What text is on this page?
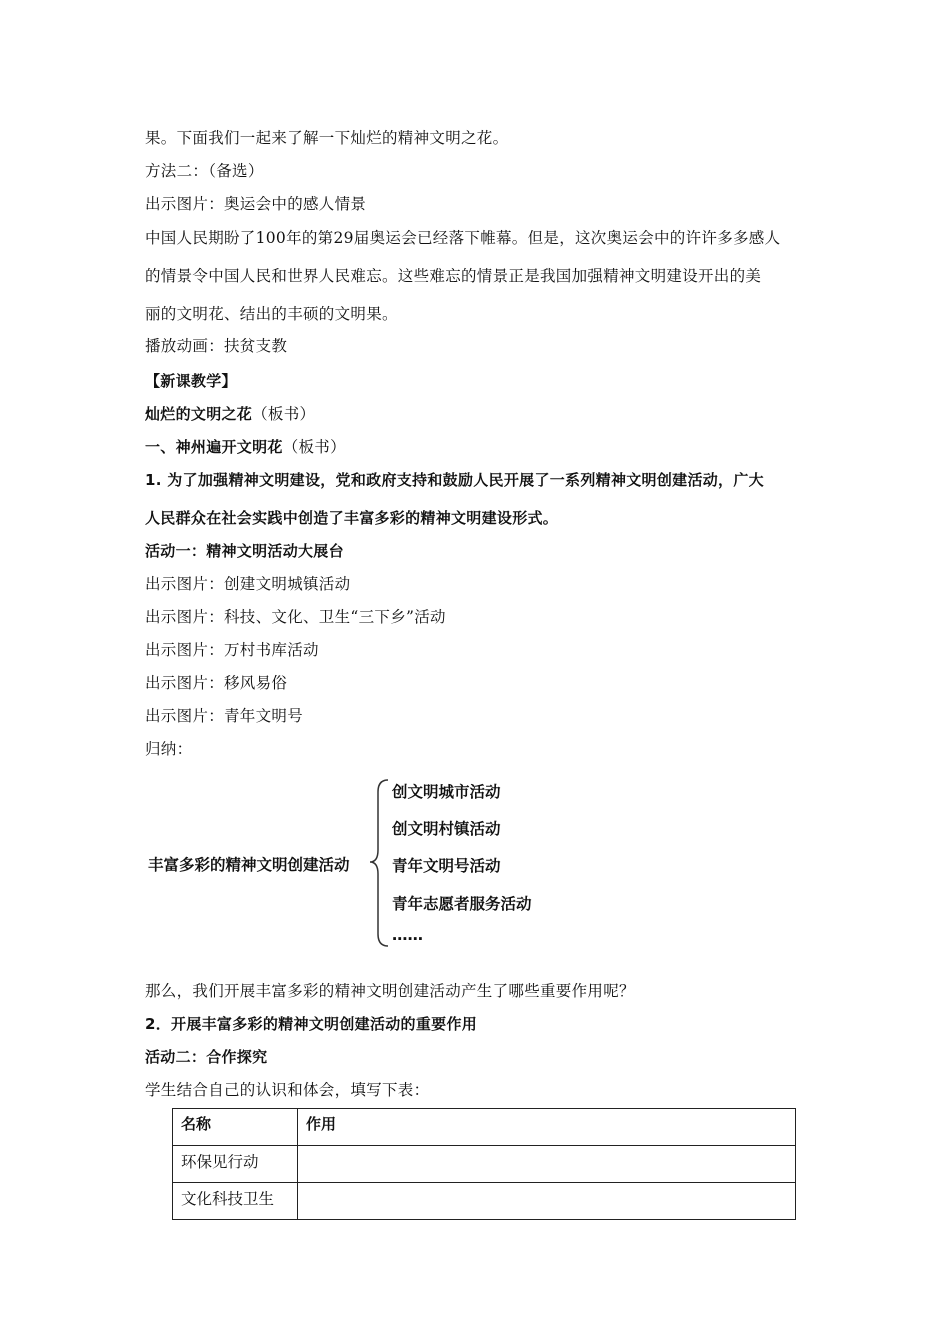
果。下面我们一起来了解一下灿烂的精神文明之花。
方法二：（备选）
出示图片：奥运会中的感人情景
中国人民期盼了100年的第29届奥运会已经落下帷幕。但是，这次奥运会中的许许多多感人
的情景令中国人民和世界人民难忘。这些难忘的情景正是我国加强精神文明建设开出的美
丽的文明花、结出的丰硕的文明果。
播放动画：扶贫支教
【新课教学】
灿烂的文明之花（板书）
一、神州遍开文明花（板书）
1. 为了加强精神文明建设，党和政府支持和鼓励人民开展了一系列精神文明创建活动，广大
人民群众在社会实践中创造了丰富多彩的精神文明建设形式。
活动一：精神文明活动大展台
出示图片：创建文明城镇活动
出示图片：科技、文化、卫生“三下乡”活动
出示图片：万村书库活动
出示图片：移风易俗
出示图片：青年文明号
归纳：
丰富多彩的精神文明创建活动
创文明城市活动
创文明村镇活动
青年文明号活动
青年志愿者服务活动
……
那么，我们开展丰富多彩的精神文明创建活动产生了哪些重要作用呢？
2．开展丰富多彩的精神文明创建活动的重要作用
活动二：合作探究
学生结合自己的认识和体会，填写下表：
名称	作用
环保见行动	
文化科技卫生	
